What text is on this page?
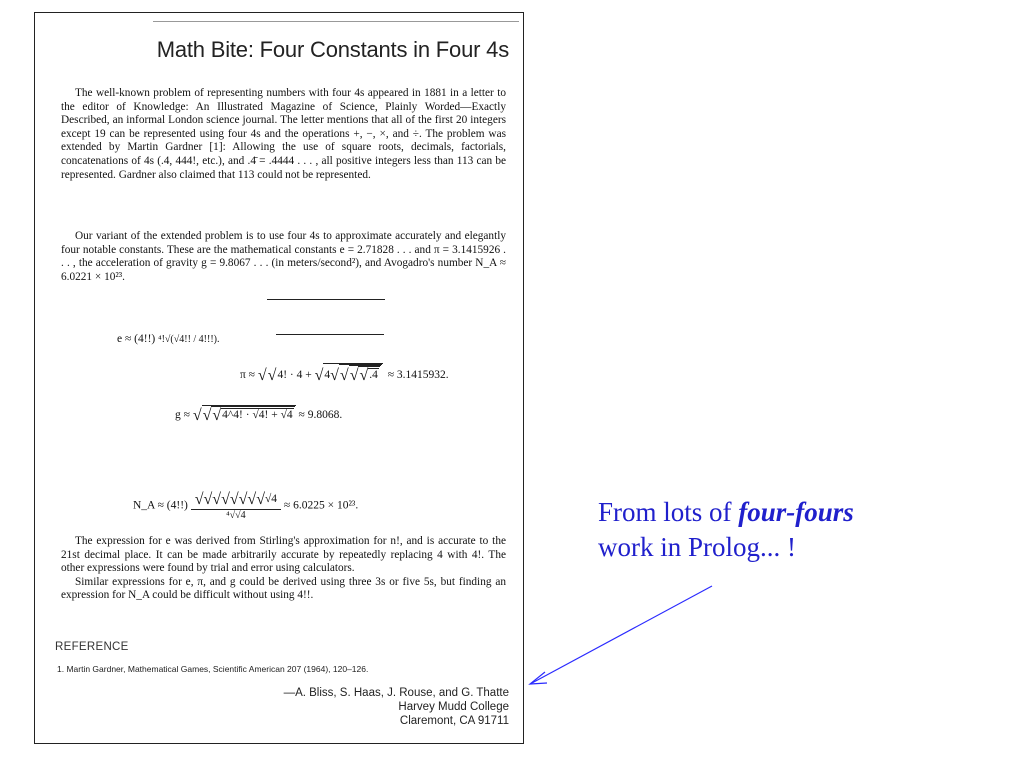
Math Bite: Four Constants in Four 4s

The well-known problem of representing numbers with four 4s appeared in 1881 in a letter to the editor of Knowledge: An Illustrated Magazine of Science, Plainly Worded—Exactly Described, an informal London science journal. The letter mentions that all of the first 20 integers except 19 can be represented using four 4s and the operations +, −, ×, and ÷. The problem was extended by Martin Gardner [1]: Allowing the use of square roots, decimals, factorials, concatenations of 4s (.4, 444!, etc.), and .4̄ = .4444 . . . , all positive integers less than 113 can be represented. Gardner also claimed that 113 could not be represented.

Our variant of the extended problem is to use four 4s to approximate accurately and elegantly four notable constants. These are the mathematical constants e = 2.71828 . . . and π = 3.1415926 . . . , the acceleration of gravity g = 9.8067 . . . (in meters/second²), and Avogadro's number N_A ≈ 6.0221 × 10²³.

e ≈ (4!!) ⁴!√(√4!! / 4!!!).
π ≈ √√4! · 4 + √4√√√√.4 ≈ 3.1415932.
g ≈ √√√4^4! · √4! + √4 ≈ 9.8068.
N_A ≈ $(4!!) \frac{√√√√√√√√√4}{\text{⁴√√4}} \approx 6.0225 \times 10^{23}$.

The expression for e was derived from Stirling's approximation for n!, and is accurate to the 21st decimal place. It can be made arbitrarily accurate by repeatedly replacing 4 with 4!. The other expressions were found by trial and error using calculators.

Similar expressions for e, π, and g could be derived using three 3s or five 5s, but finding an expression for N_A could be difficult without using 4!!.

REFERENCE
1. Martin Gardner, Mathematical Games, Scientific American 207 (1964), 120–126.
—A. Bliss, S. Haas, J. Rouse, and G. Thatte
Harvey Mudd College
Claremont, CA 91711
From lots of four-fours
work in Prolog... !
